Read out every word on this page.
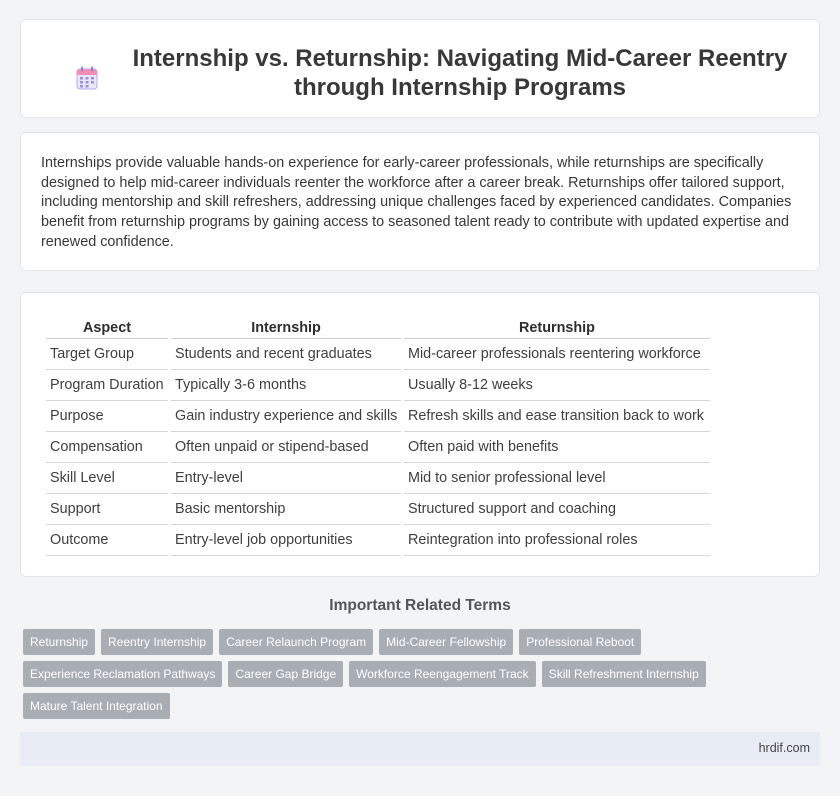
Internship vs. Returnship: Navigating Mid-Career Reentry through Internship Programs

Internships provide valuable hands-on experience for early-career professionals, while returnships are specifically designed to help mid-career individuals reenter the workforce after a career break. Returnships offer tailored support, including mentorship and skill refreshers, addressing unique challenges faced by experienced candidates. Companies benefit from returnship programs by gaining access to seasoned talent ready to contribute with updated expertise and renewed confidence.

Aspect	Internship	Returnship
Target Group	Students and recent graduates	Mid-career professionals reentering workforce
Program Duration	Typically 3-6 months	Usually 8-12 weeks
Purpose	Gain industry experience and skills	Refresh skills and ease transition back to work
Compensation	Often unpaid or stipend-based	Often paid with benefits
Skill Level	Entry-level	Mid to senior professional level
Support	Basic mentorship	Structured support and coaching
Outcome	Entry-level job opportunities	Reintegration into professional roles
Important Related Terms
Returnship	Reentry Internship	Career Relaunch Program	Mid-Career Fellowship	Professional Reboot
Experience Reclamation Pathways	Career Gap Bridge	Workforce Reengagement Track	Skill Refreshment Internship
Mature Talent Integration
hrdif.com
